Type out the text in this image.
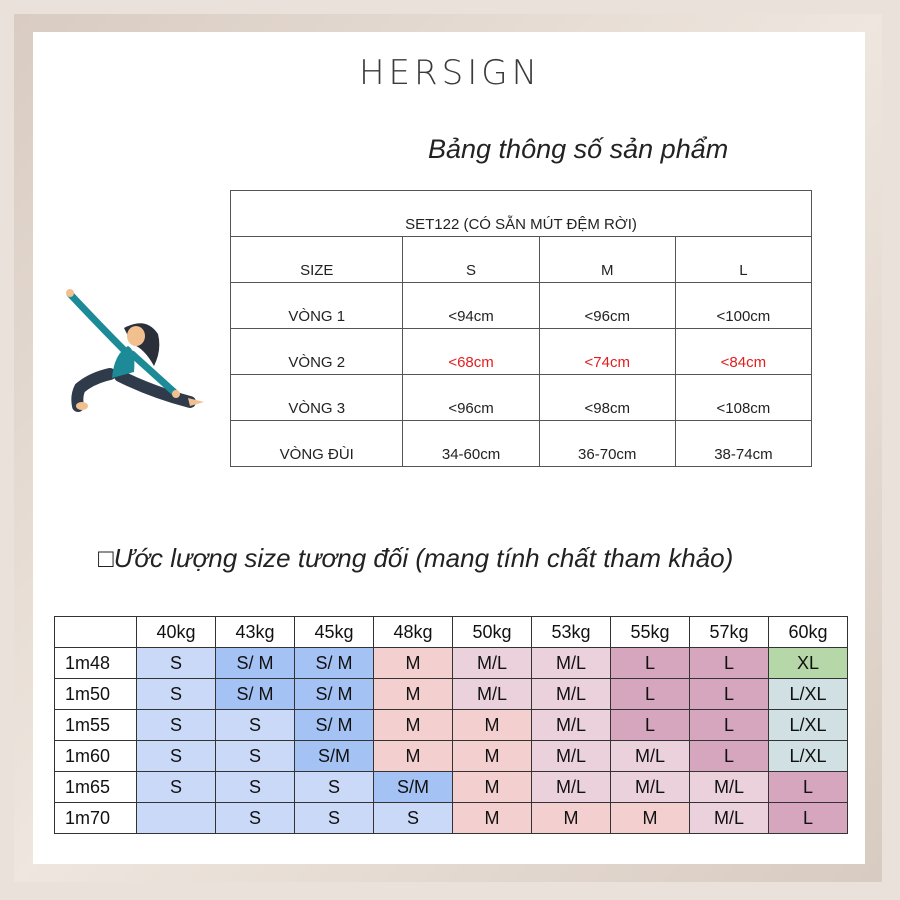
HERSIGN
Bảng thông số sản phẩm
SET122 (CÓ SẴN MÚT ĐỆM RỜI)			
SIZE	S	M	L
VÒNG 1	<94cm	<96cm	<100cm
VÒNG 2	<68cm	<74cm	<84cm
VÒNG 3	<96cm	<98cm	<108cm
VÒNG ĐÙI	34-60cm	36-70cm	38-74cm
□Ước lượng size tương đối (mang tính chất tham khảo)
	40kg	43kg	45kg	48kg	50kg	53kg	55kg	57kg	60kg
1m48	S	S/ M	S/ M	M	M/L	M/L	L	L	XL
1m50	S	S/ M	S/ M	M	M/L	M/L	L	L	L/XL
1m55	S	S	S/ M	M	M	M/L	L	L	L/XL
1m60	S	S	S/M	M	M	M/L	M/L	L	L/XL
1m65	S	S	S	S/M	M	M/L	M/L	M/L	L
1m70		S	S	S	M	M	M	M/L	L
